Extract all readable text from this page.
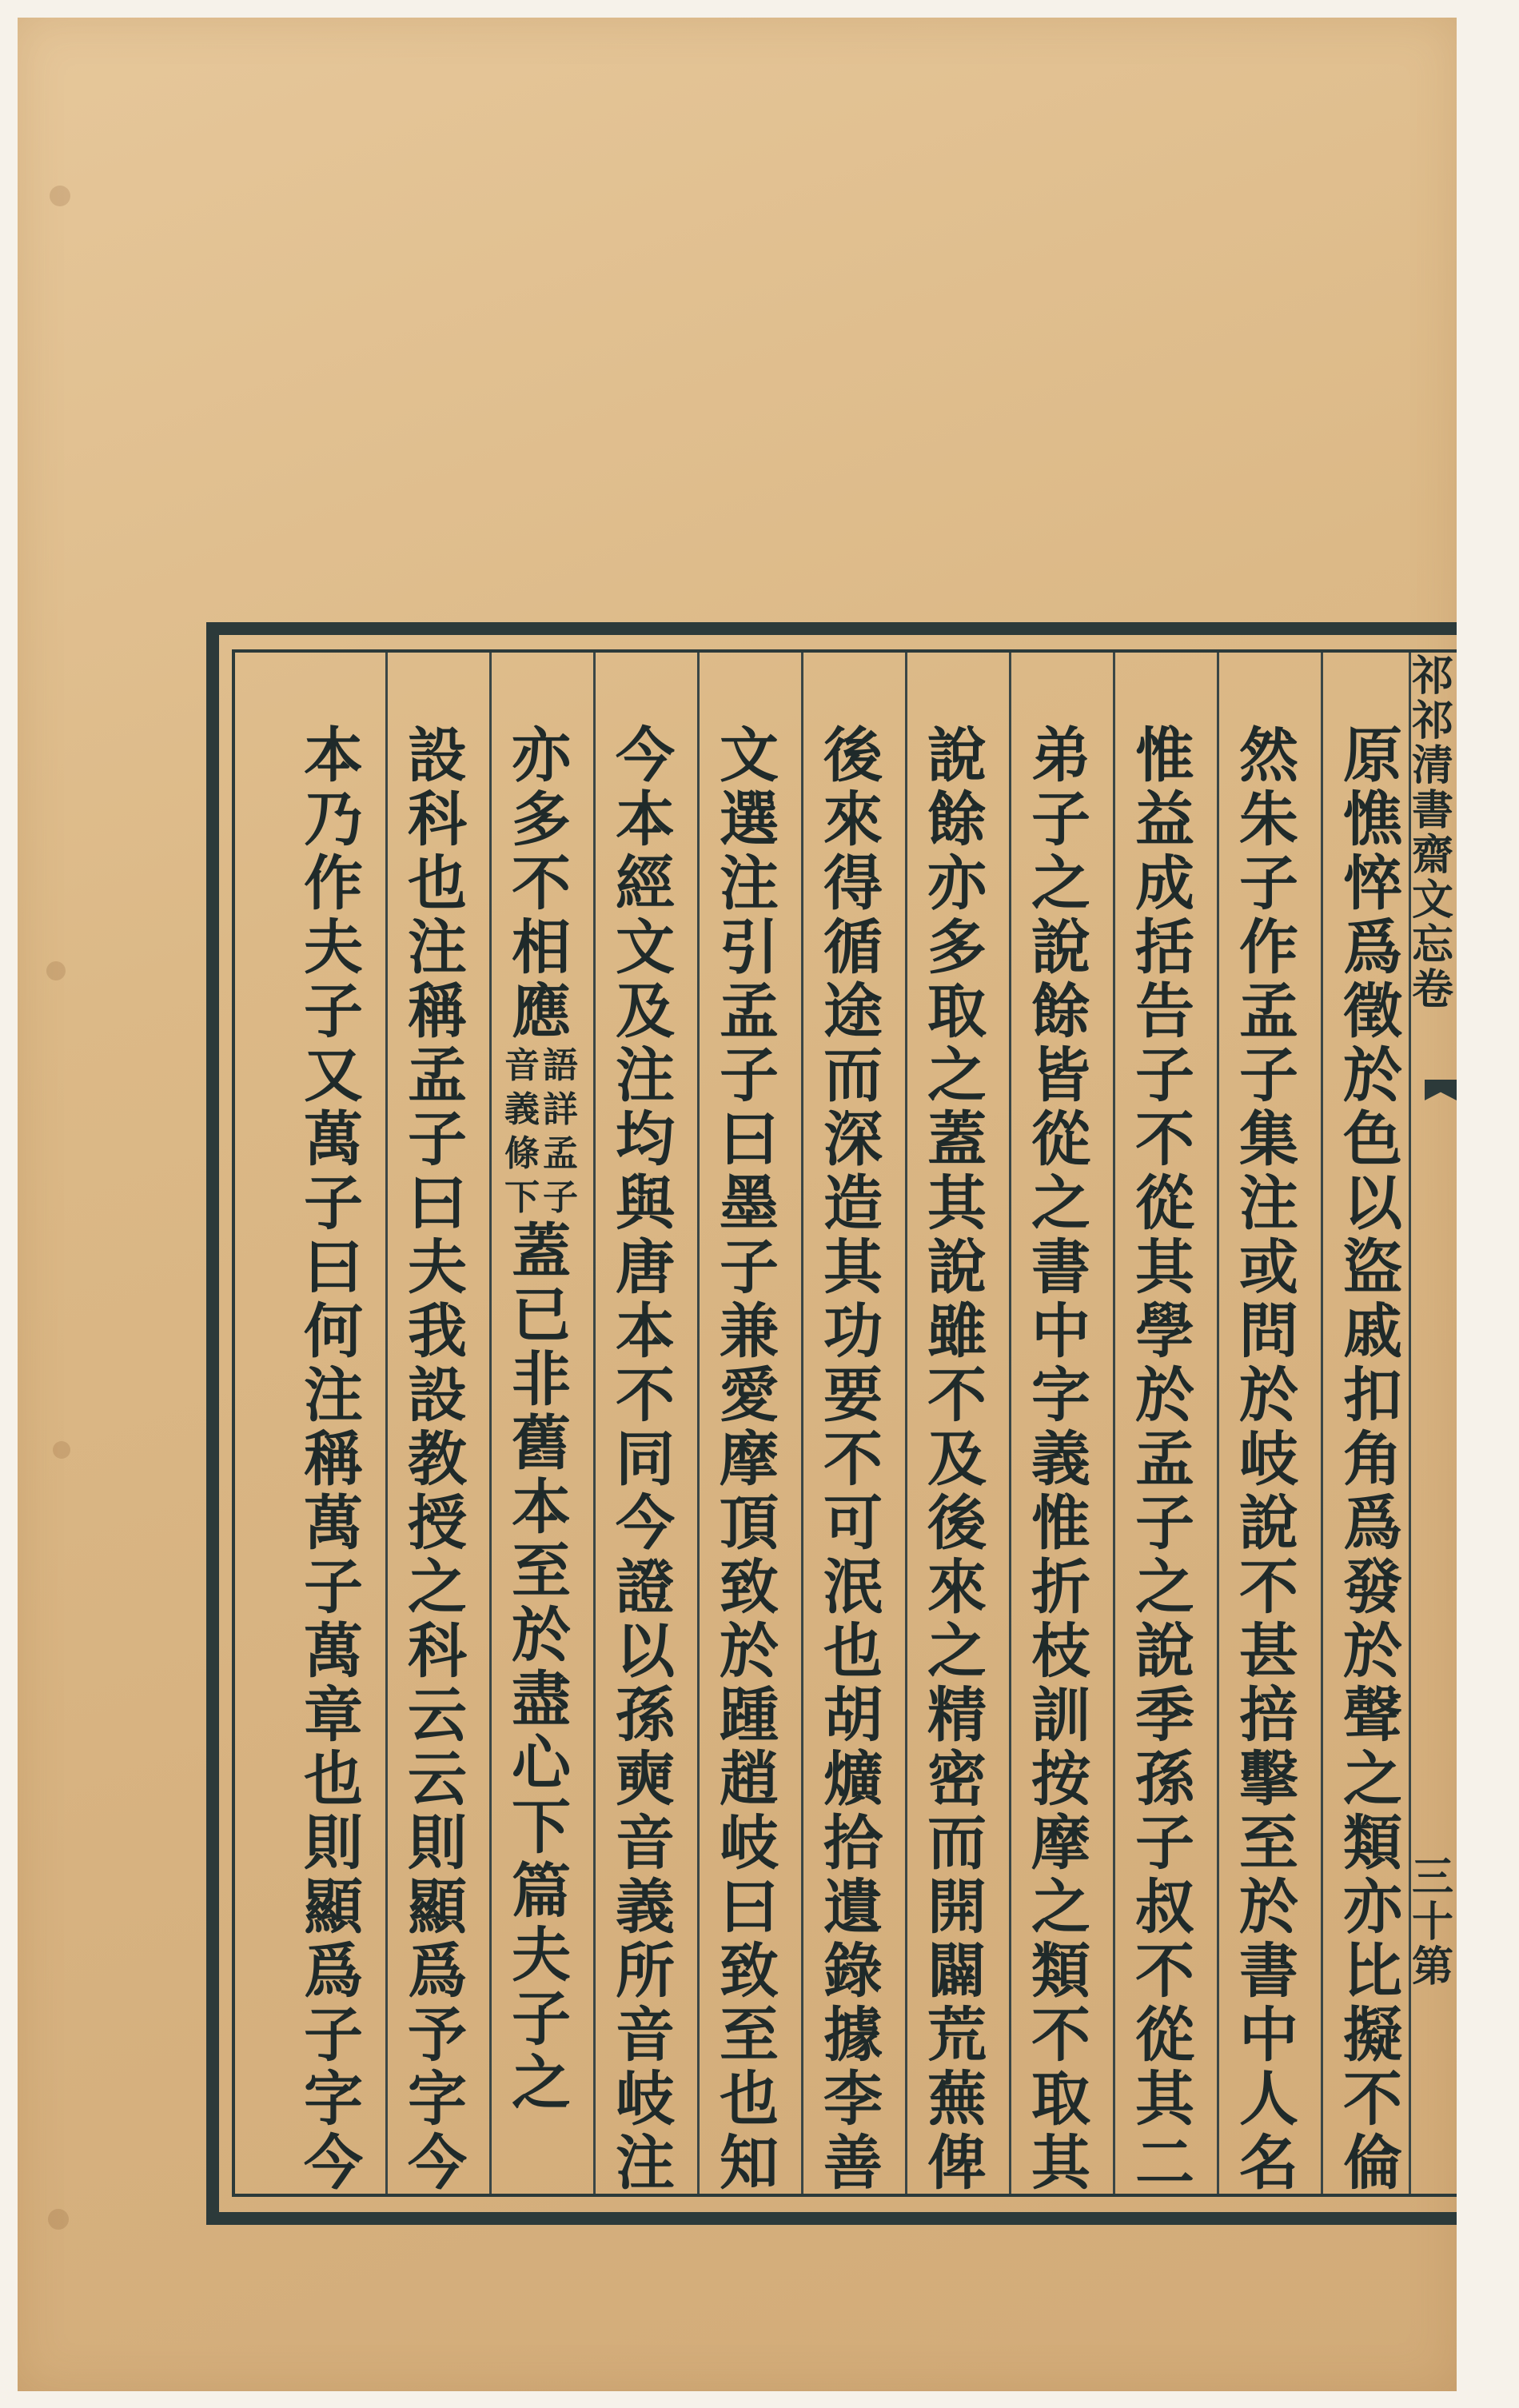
祁
祁
清
書
齋
文
忘
卷
三
十
第
原
憔
悴
爲
徵
於
色
以
盜
戚
扣
角
爲
發
於
聲
之
類
亦
比
擬
不
倫
然
朱
子
作
孟
子
集
注
或
問
於
岐
說
不
甚
掊
擊
至
於
書
中
人
名
惟
益
成
括
告
子
不
從
其
學
於
孟
子
之
說
季
孫
子
叔
不
從
其
二
弟
子
之
說
餘
皆
從
之
書
中
字
義
惟
折
枝
訓
按
摩
之
類
不
取
其
說
餘
亦
多
取
之
蓋
其
說
雖
不
及
後
來
之
精
密
而
開
闢
荒
蕪
俾
後
來
得
循
途
而
深
造
其
功
要
不
可
泯
也
胡
爌
拾
遺
錄
據
李
善
文
選
注
引
孟
子
曰
墨
子
兼
愛
摩
頂
致
於
踵
趙
岐
曰
致
至
也
知
今
本
經
文
及
注
均
與
唐
本
不
同
今
證
以
孫
奭
音
義
所
音
岐
注
亦
多
不
相
應
語
詳
孟
子
音
義
條
下
蓋
已
非
舊
本
至
於
盡
心
下
篇
夫
子
之
設
科
也
注
稱
孟
子
曰
夫
我
設
教
授
之
科
云
云
則
顯
爲
予
字
今
本
乃
作
夫
子
又
萬
子
曰
何
注
稱
萬
子
萬
章
也
則
顯
爲
子
字
今
